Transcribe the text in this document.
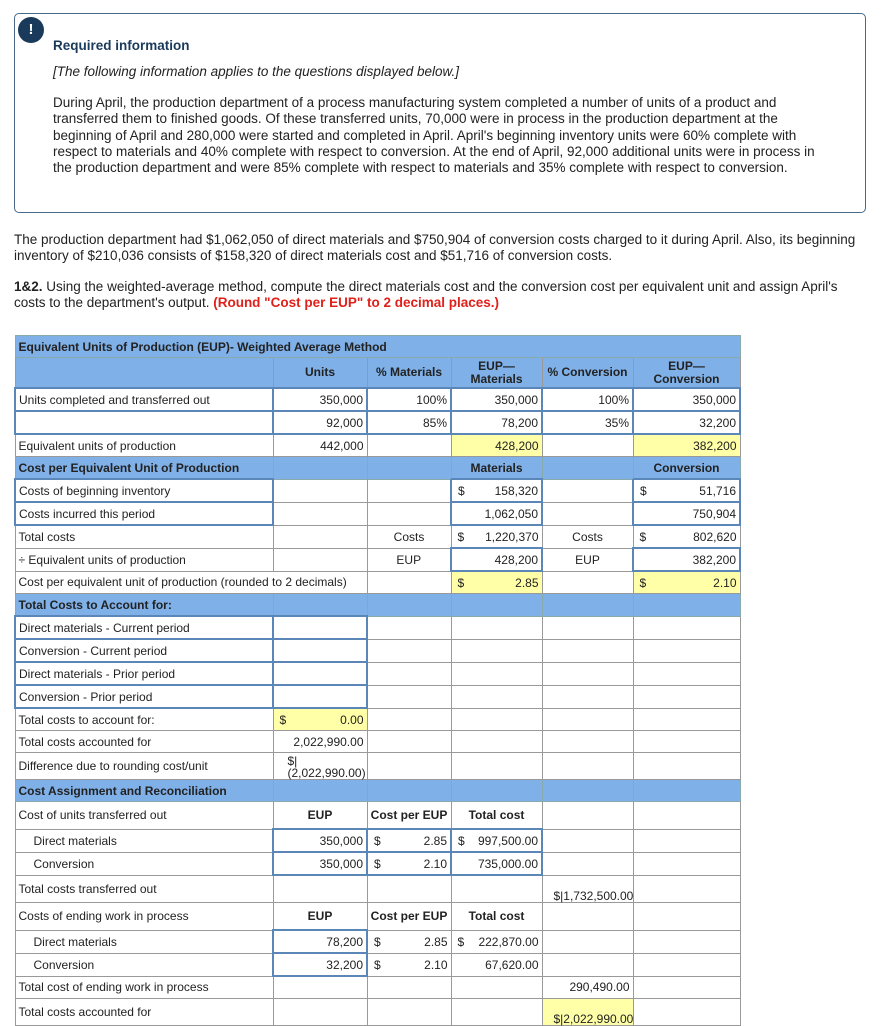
!
Required information
[The following information applies to the questions displayed below.]
During April, the production department of a process manufacturing system completed a number of units of a product and transferred them to finished goods. Of these transferred units, 70,000 were in process in the production department at the beginning of April and 280,000 were started and completed in April. April's beginning inventory units were 60% complete with respect to materials and 40% complete with respect to conversion. At the end of April, 92,000 additional units were in process in the production department and were 85% complete with respect to materials and 35% complete with respect to conversion.
The production department had $1,062,050 of direct materials and $750,904 of conversion costs charged to it during April. Also, its beginning inventory of $210,036 consists of $158,320 of direct materials cost and $51,716 of conversion costs.
1&2. Using the weighted-average method, compute the direct materials cost and the conversion cost per equivalent unit and assign April's costs to the department's output. (Round "Cost per EUP" to 2 decimal places.)
Equivalent Units of Production (EUP)- Weighted Average Method					
	Units	% Materials	EUP—Materials	% Conversion	EUP—Conversion
Units completed and transferred out	350,000	100%	350,000	100%	350,000
	92,000	85%	78,200	35%	32,200
Equivalent units of production	442,000		428,200		382,200
Cost per Equivalent Unit of Production			Materials		Conversion
Costs of beginning inventory			$ 158,320		$ 51,716
Costs incurred this period			1,062,050		750,904
Total costs		Costs	$ 1,220,370	Costs	$ 802,620
÷ Equivalent units of production		EUP	428,200	EUP	382,200
Cost per equivalent unit of production (rounded to 2 decimals)			$ 2.85		$ 2.10
Total Costs to Account for:					
Direct materials - Current period					
Conversion - Current period					
Direct materials - Prior period					
Conversion - Prior period					
Total costs to account for:	$ 0.00				
Total costs accounted for	2,022,990.00				
Difference due to rounding cost/unit	$|(2,022,990.00)				
Cost Assignment and Reconciliation					
Cost of units transferred out	EUP	Cost per EUP	Total cost		
Direct materials	350,000	$ 2.85	$ 997,500.00		
Conversion	350,000	$ 2.10	735,000.00		
Total costs transferred out				$|1,732,500.00	
Costs of ending work in process	EUP	Cost per EUP	Total cost		
Direct materials	78,200	$ 2.85	$ 222,870.00		
Conversion	32,200	$ 2.10	67,620.00		
Total cost of ending work in process				290,490.00	
Total costs accounted for				$|2,022,990.00	
